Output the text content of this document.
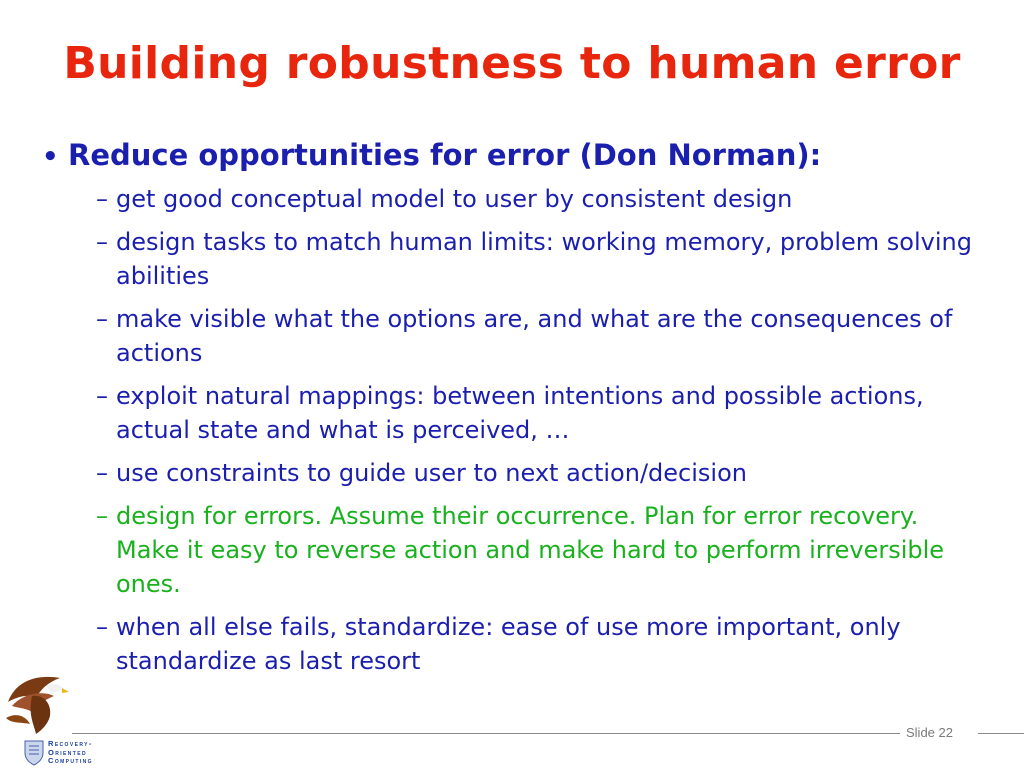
Building robustness to human error
• Reduce opportunities for error (Don Norman):
– get good conceptual model to user by consistent design
– design tasks to match human limits: working memory, problem solving abilities
– make visible what the options are, and what are the consequences of actions
– exploit natural mappings: between intentions and possible actions, actual state and what is perceived, …
– use constraints to guide user to next action/decision
– design for errors. Assume their occurrence. Plan for error recovery. Make it easy to reverse action and make hard to perform irreversible ones.
– when all else fails, standardize: ease of use more important, only standardize as last resort
Recovery-
Oriented
Computing
Slide 22
